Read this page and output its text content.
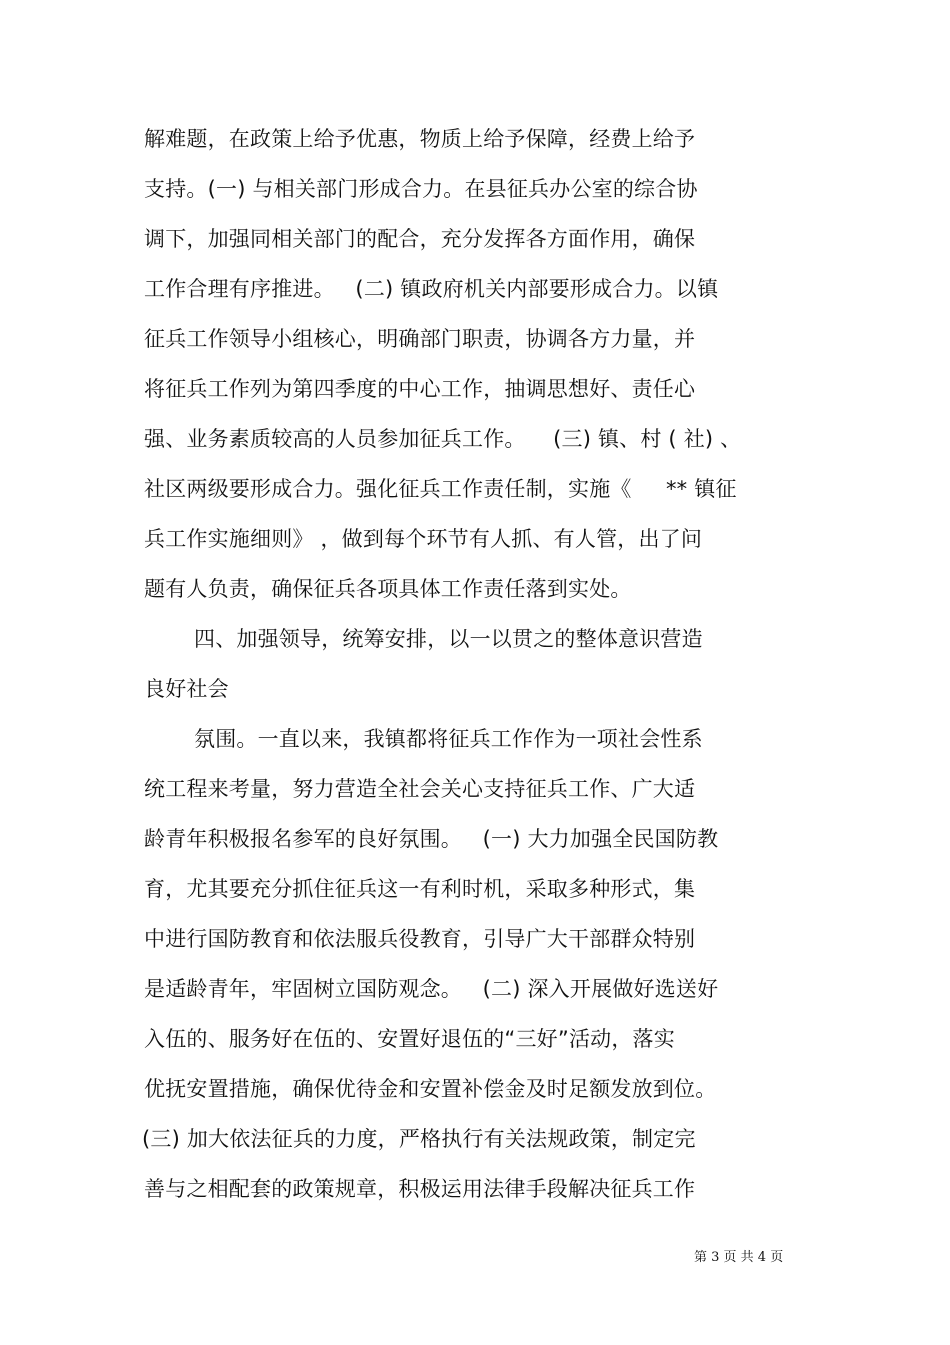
解难题，在政策上给予优惠，物质上给予保障，经费上给予
支持。(一) 与相关部门形成合力。在县征兵办公室的综合协
调下，加强同相关部门的配合，充分发挥各方面作用，确保
工作合理有序推进。   (二) 镇政府机关内部要形成合力。以镇
征兵工作领导小组核心，明确部门职责，协调各方力量，并
将征兵工作列为第四季度的中心工作，抽调思想好、责任心
强、业务素质较高的人员参加征兵工作。    (三) 镇、村 ( 社) 、
社区两级要形成合力。强化征兵工作责任制，实施《     ** 镇征
兵工作实施细则》 ，做到每个环节有人抓、有人管，出了问
题有人负责，确保征兵各项具体工作责任落到实处。
四、加强领导，统筹安排，以一以贯之的整体意识营造
良好社会
氛围。一直以来，我镇都将征兵工作作为一项社会性系
统工程来考量，努力营造全社会关心支持征兵工作、广大适
龄青年积极报名参军的良好氛围。   (一) 大力加强全民国防教
育，尤其要充分抓住征兵这一有利时机，采取多种形式，集
中进行国防教育和依法服兵役教育，引导广大干部群众特别
是适龄青年，牢固树立国防观念。   (二) 深入开展做好选送好
入伍的、服务好在伍的、安置好退伍的“三好”活动，落实
优抚安置措施，确保优待金和安置补偿金及时足额发放到位。
(三) 加大依法征兵的力度，严格执行有关法规政策，制定完
善与之相配套的政策规章，积极运用法律手段解决征兵工作
第 3 页 共 4 页
